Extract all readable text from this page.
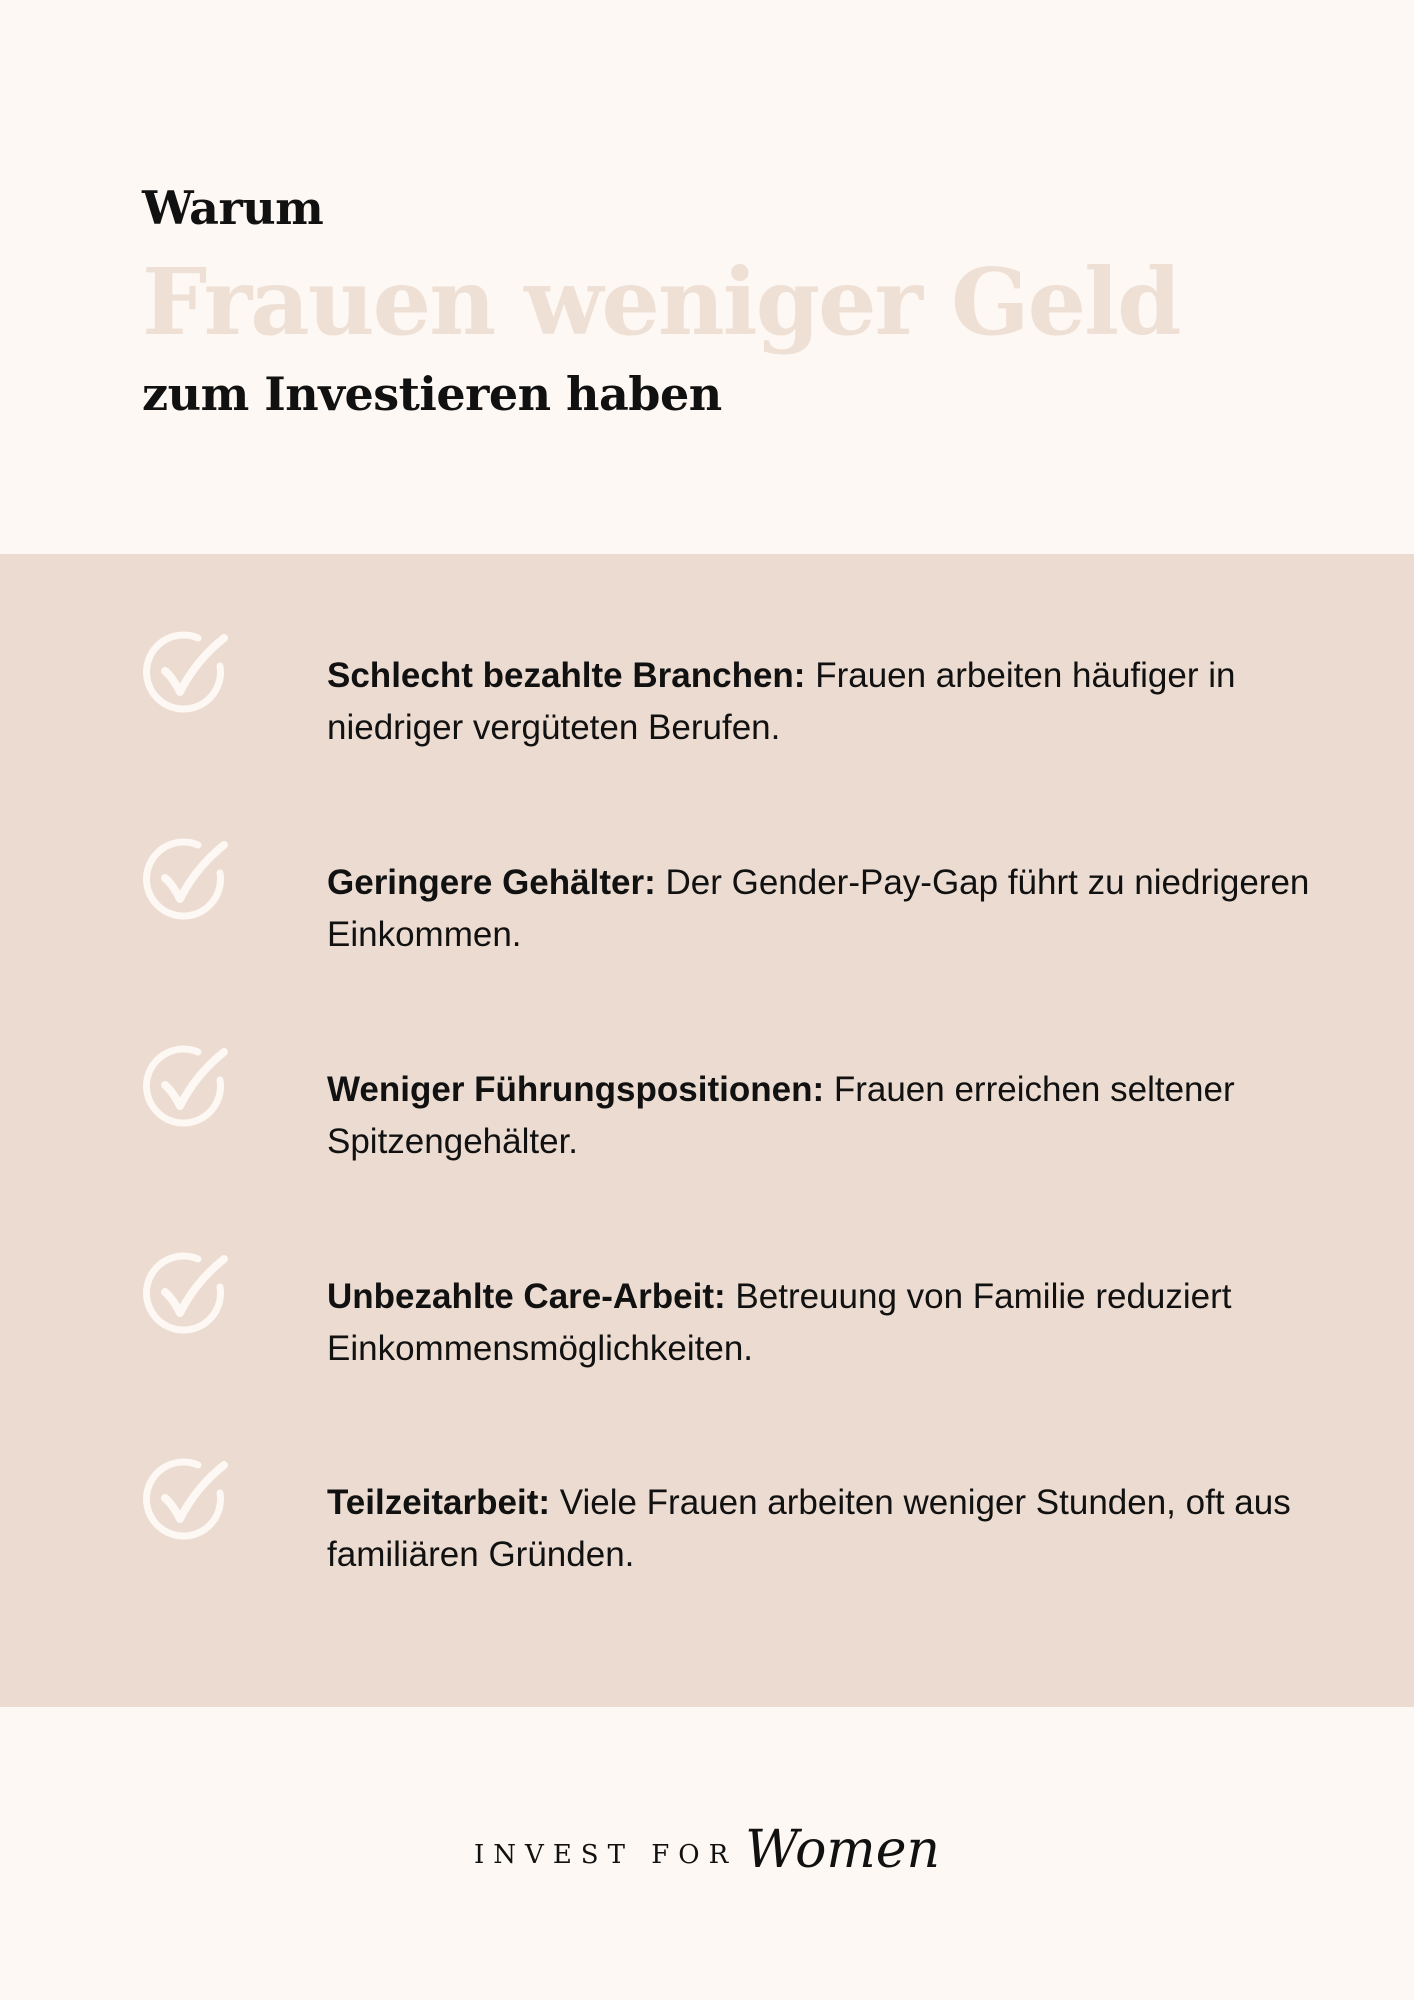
Warum

Frauen weniger Geld

zum Investieren haben

Schlecht bezahlte Branchen: Frauen arbeiten häufiger in niedriger vergüteten Berufen.
Geringere Gehälter: Der Gender-Pay-Gap führt zu niedrigeren Einkommen.
Weniger Führungspositionen: Frauen erreichen seltener Spitzengehälter.
Unbezahlte Care-Arbeit: Betreuung von Familie reduziert Einkommensmöglichkeiten.
Teilzeitarbeit: Viele Frauen arbeiten weniger Stunden, oft aus familiären Gründen.
INVEST FOR Women
